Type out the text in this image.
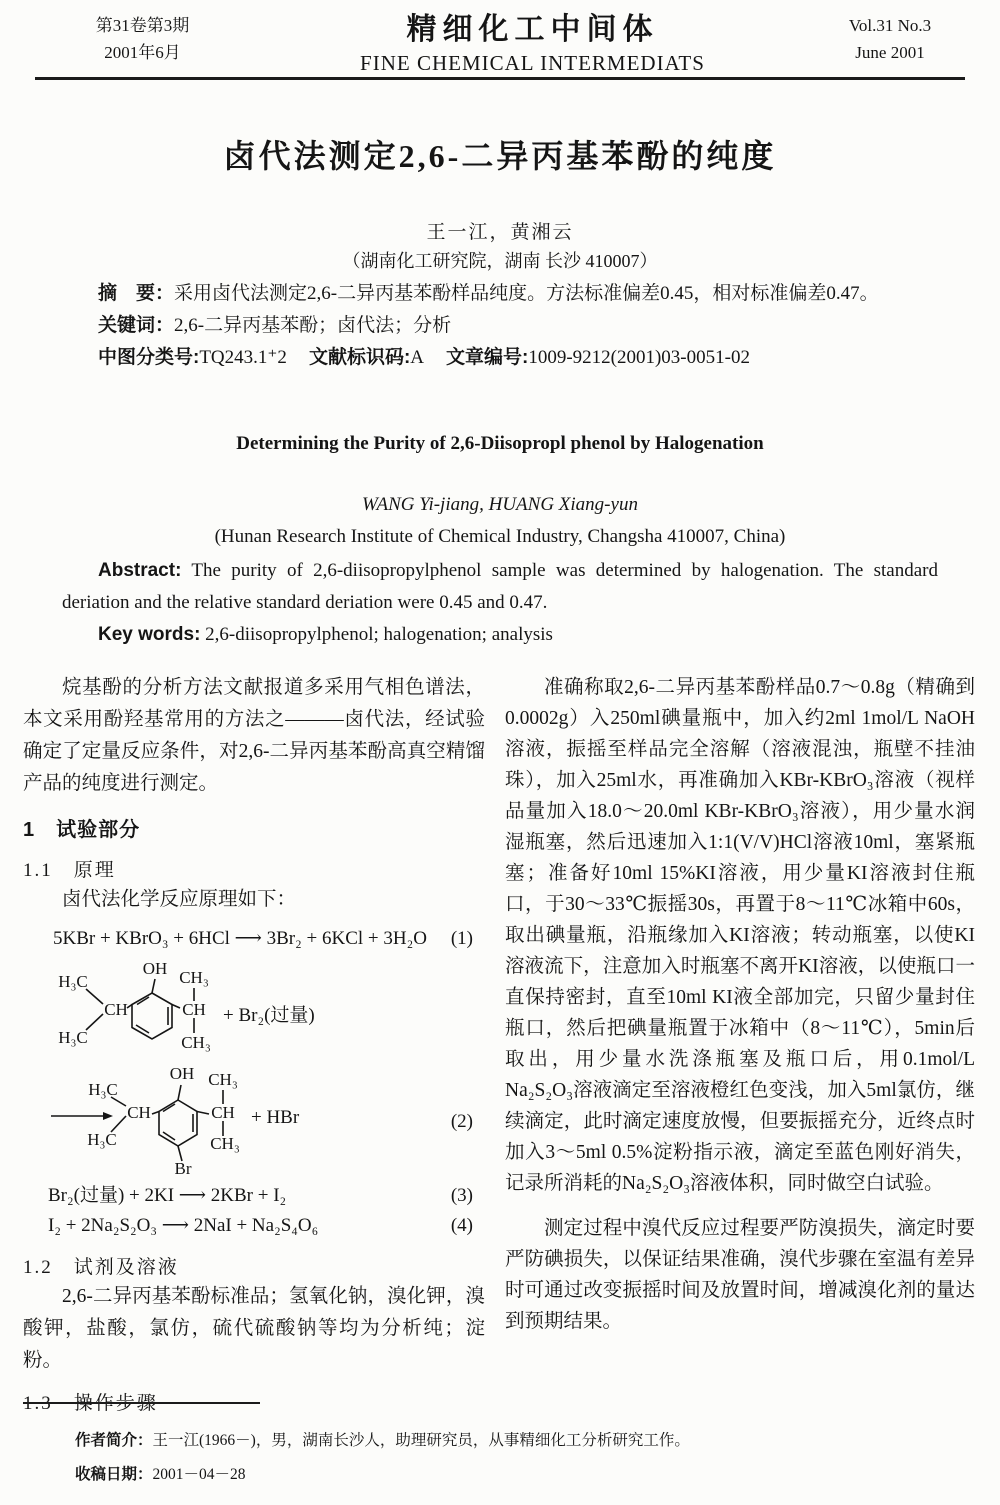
第31卷第3期
2001年6月
精细化工中间体
FINE CHEMICAL INTERMEDIATS
Vol.31 No.3
June 2001
卤代法测定2,6-二异丙基苯酚的纯度
王一江，黄湘云
（湖南化工研究院，湖南 长沙 410007）

摘　要：采用卤代法测定2,6-二异丙基苯酚样品纯度。方法标准偏差0.45，相对标准偏差0.47。

关键词：2,6-二异丙基苯酚；卤代法；分析

中图分类号:TQ243.1⁺2 文献标识码:A 文章编号:1009-9212(2001)03-0051-02

Determining the Purity of 2,6-Diisopropl phenol by Halogenation

WANG Yi-jiang, HUANG Xiang-yun

(Hunan Research Institute of Chemical Industry, Changsha 410007, China)

Abstract: The purity of 2,6-diisopropylphenol sample was determined by halogenation. The standard deriation and the relative standard deriation were 0.45 and 0.47.

Key words: 2,6-diisopropylphenol; halogenation; analysis

烷基酚的分析方法文献报道多采用气相色谱法，本文采用酚羟基常用的方法之———卤代法，经试验确定了定量反应条件，对2,6-二异丙基苯酚高真空精馏产品的纯度进行测定。

1　试验部分
1.1　原理

卤代法化学反应原理如下：

5KBr + KBrO₃ + 6HCl ⟶ 3Br₂ + 6KCl + 3H₂O (1)
OH CH₃
H₃C
CH	CH
H₃C	CH₃
+ Br₂(过量)
OH CH₃
H₃C
CH	CH
H₃C	CH₃
Br
+ HBr	(2)
Br₂(过量) + 2KI ⟶ 2KBr + I₂	(3)
I₂ + 2Na₂S₂O₃ ⟶ 2NaI + Na₂S₄O₆	(4)
1.2　试剂及溶液

2,6-二异丙基苯酚标准品；氢氧化钠，溴化钾，溴酸钾，盐酸，氯仿，硫代硫酸钠等均为分析纯；淀粉。

1.3　操作步骤

准确称取2,6-二异丙基苯酚样品0.7～0.8g（精确到0.0002g）入250ml碘量瓶中，加入约2ml 1mol/L NaOH溶液，振摇至样品完全溶解（溶液混浊，瓶壁不挂油珠），加入25ml水，再准确加入KBr-KBrO₃溶液（视样品量加入18.0～20.0ml KBr-KBrO₃溶液），用少量水润湿瓶塞，然后迅速加入1:1(V/V)HCl溶液10ml，塞紧瓶塞；准备好10ml 15%KI溶液，用少量KI溶液封住瓶口，于30～33℃振摇30s，再置于8～11℃冰箱中60s，取出碘量瓶，沿瓶缘加入KI溶液；转动瓶塞，以使KI溶液流下，注意加入时瓶塞不离开KI溶液，以使瓶口一直保持密封，直至10ml KI液全部加完，只留少量封住瓶口，然后把碘量瓶置于冰箱中（8～11℃），5min后取出，用少量水洗涤瓶塞及瓶口后，用0.1mol/L Na₂S₂O₃溶液滴定至溶液橙红色变浅，加入5ml氯仿，继续滴定，此时滴定速度放慢，但要振摇充分，近终点时加入3～5ml 0.5%淀粉指示液，滴定至蓝色刚好消失，记录所消耗的Na₂S₂O₃溶液体积，同时做空白试验。

测定过程中溴代反应过程要严防溴损失，滴定时要严防碘损失，以保证结果准确，溴代步骤在室温有差异时可通过改变振摇时间及放置时间，增减溴化剂的量达到预期结果。

作者简介：王一江(1966－)，男，湖南长沙人，助理研究员，从事精细化工分析研究工作。
收稿日期：2001－04－28
